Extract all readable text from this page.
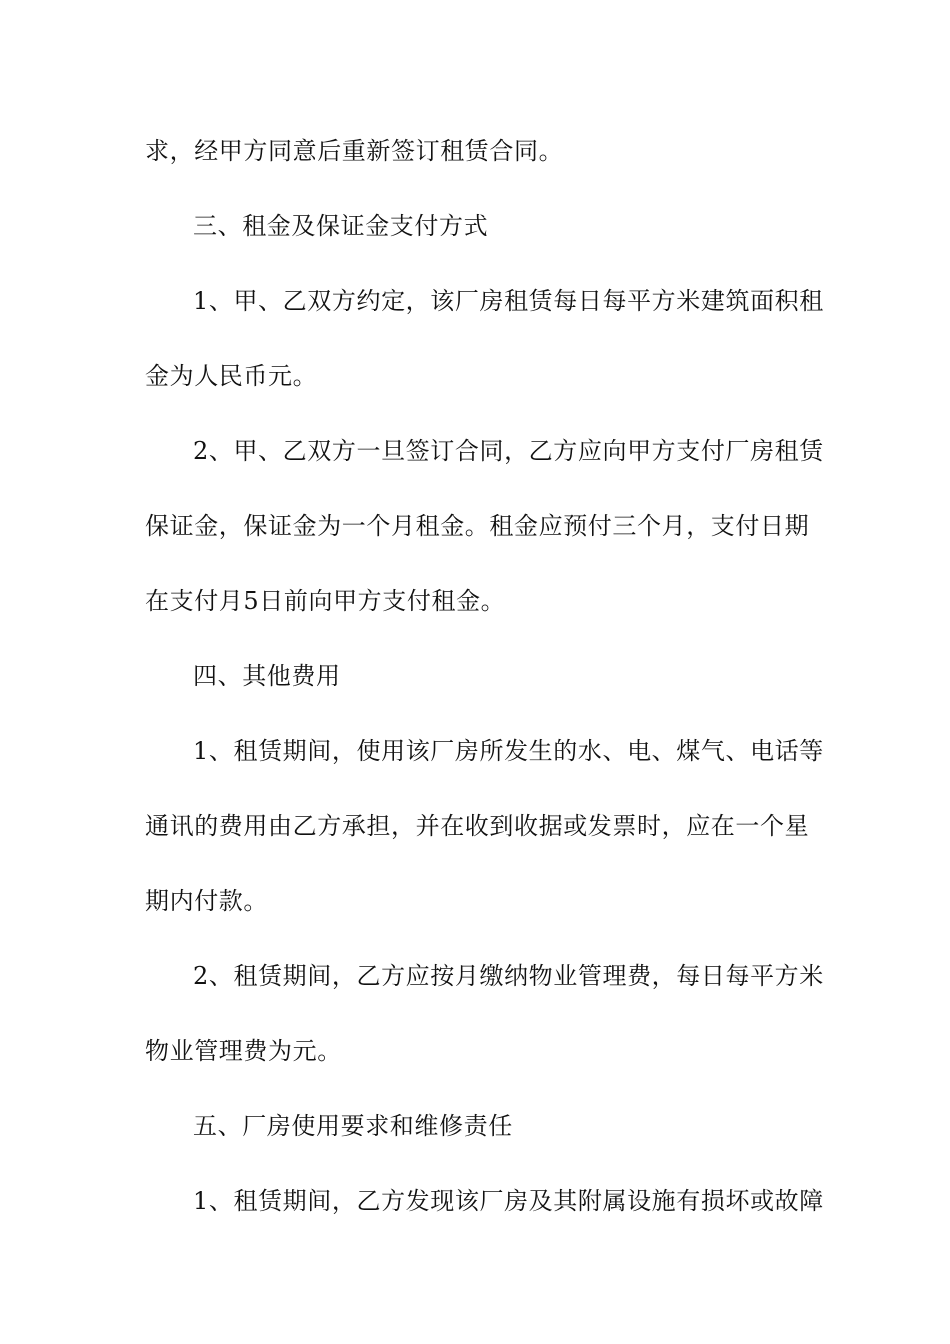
求，经甲方同意后重新签订租赁合同。
三、租金及保证金支付方式
1、甲、乙双方约定，该厂房租赁每日每平方米建筑面积租
金为人民币元。
2、甲、乙双方一旦签订合同，乙方应向甲方支付厂房租赁
保证金，保证金为一个月租金。租金应预付三个月，支付日期
在支付月5日前向甲方支付租金。
四、其他费用
1、租赁期间，使用该厂房所发生的水、电、煤气、电话等
通讯的费用由乙方承担，并在收到收据或发票时，应在一个星
期内付款。
2、租赁期间，乙方应按月缴纳物业管理费，每日每平方米
物业管理费为元。
五、厂房使用要求和维修责任
1、租赁期间，乙方发现该厂房及其附属设施有损坏或故障
